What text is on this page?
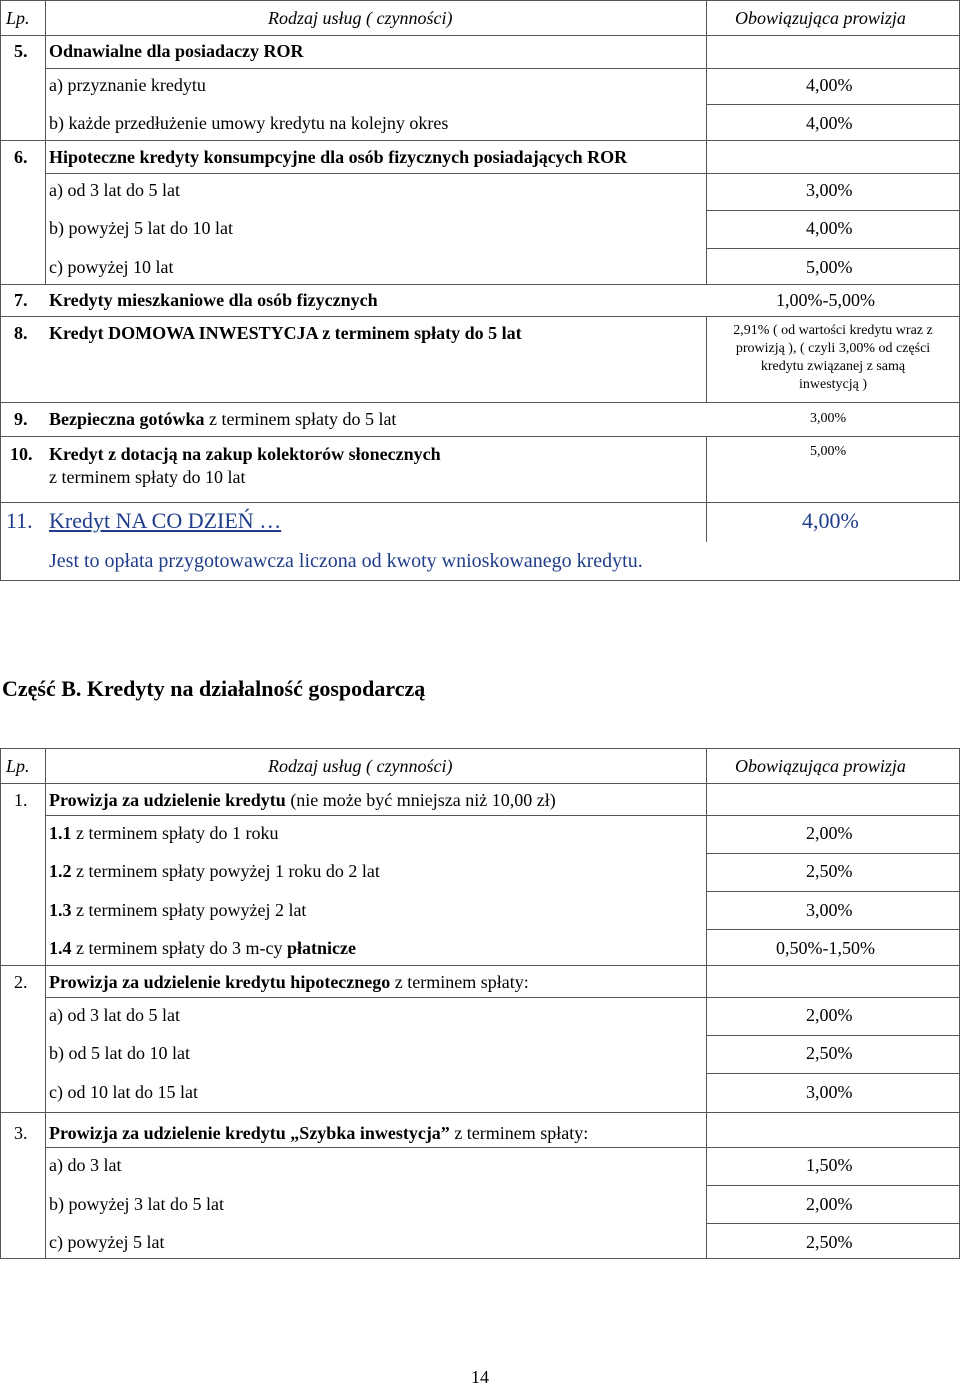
Lp.	Rodzaj usług ( czynności)	Obowiązująca prowizja
5. Odnawialne dla posiadaczy ROR
a) przyznanie kredytu	4,00%
b) każde przedłużenie umowy kredytu na kolejny okres	4,00%
6. Hipoteczne kredyty konsumpcyjne dla osób fizycznych posiadających ROR
a) od 3 lat do 5 lat	3,00%
b) powyżej 5 lat do 10 lat	4,00%
c) powyżej 10 lat	5,00%
7. Kredyty mieszkaniowe dla osób fizycznych	1,00%-5,00%
8. Kredyt DOMOWA INWESTYCJA z terminem spłaty do 5 lat	2,91% ( od wartości kredytu wraz z
prowizją ), ( czyli 3,00% od części
kredytu związanej z samą
inwestycją )
9. Bezpieczna gotówka z terminem spłaty do 5 lat	3,00%
10. Kredyt z dotacją na zakup kolektorów słonecznych
z terminem spłaty do 10 lat
5,00%
11. Kredyt NA CO DZIEŃ …	4,00%
Jest to opłata przygotowawcza liczona od kwoty wnioskowanego kredytu.
Część B. Kredyty na działalność gospodarczą
Lp.	Rodzaj usług ( czynności)	Obowiązująca prowizja
1. Prowizja za udzielenie kredytu (nie może być mniejsza niż 10,00 zł)
1.1 z terminem spłaty do 1 roku	2,00%
1.2 z terminem spłaty powyżej 1 roku do 2 lat	2,50%
1.3 z terminem spłaty powyżej 2 lat	3,00%
1.4 z terminem spłaty do 3 m-cy płatnicze	0,50%-1,50%
2. Prowizja za udzielenie kredytu hipotecznego z terminem spłaty:
a) od 3 lat do 5 lat	2,00%
b) od 5 lat do 10 lat	2,50%
c) od 10 lat do 15 lat	3,00%
3. Prowizja za udzielenie kredytu „Szybka inwestycja” z terminem spłaty:
a) do 3 lat	1,50%
b) powyżej 3 lat do 5 lat	2,00%
c) powyżej 5 lat	2,50%
14
